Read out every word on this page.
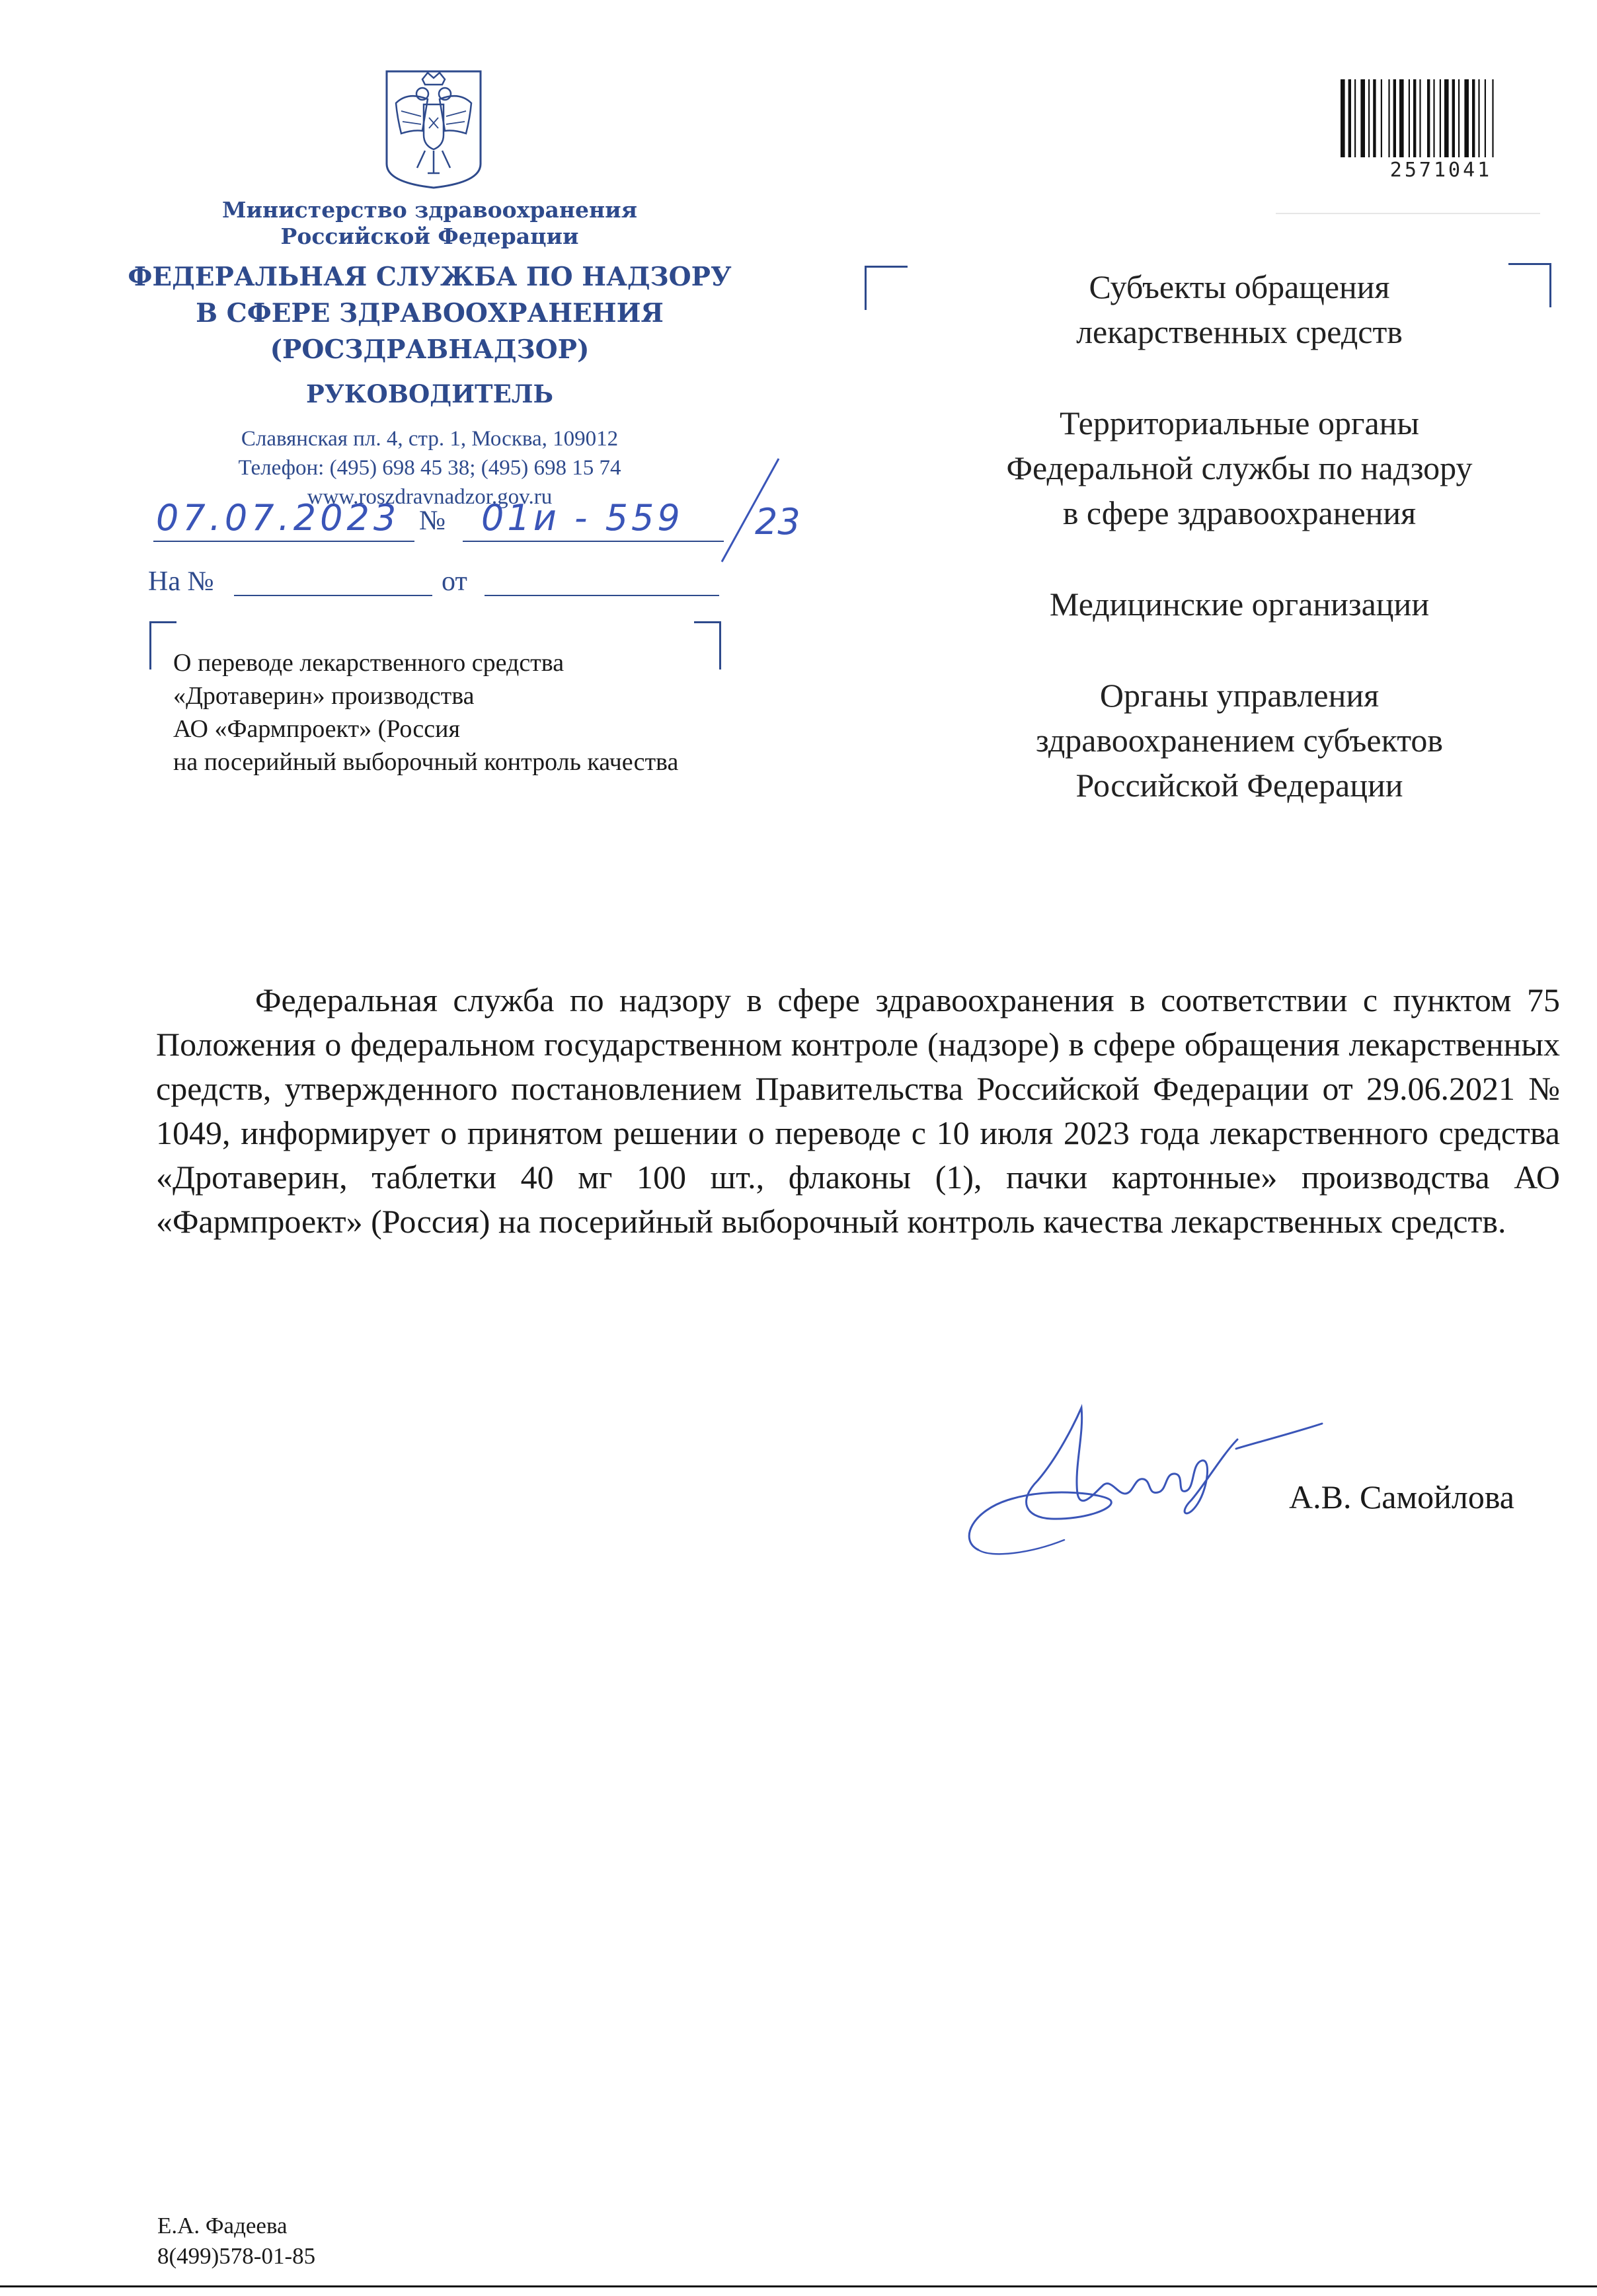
Министерство здравоохранения
Российской Федерации
ФЕДЕРАЛЬНАЯ СЛУЖБА ПО НАДЗОРУ
В СФЕРЕ ЗДРАВООХРАНЕНИЯ
(РОСЗДРАВНАДЗОР)
РУКОВОДИТЕЛЬ
Славянская пл. 4, стр. 1, Москва, 109012
Телефон: (495) 698 45 38; (495) 698 15 74
www.roszdravnadzor.gov.ru
07.07.2023 № 01и - 559 23
На №	от
О переводе лекарственного средства
«Дротаверин» производства
АО «Фармпроект» (Россия
на посерийный выборочный контроль качества
2571041

Субъекты обращения
лекарственных средств

Территориальные органы
Федеральной службы по надзору
в сфере здравоохранения

Медицинские организации

Органы управления
здравоохранением субъектов
Российской Федерации

Федеральная служба по надзору в сфере здравоохранения в соответствии с пунктом 75 Положения о федеральном государственном контроле (надзоре) в сфере обращения лекарственных средств, утвержденного постановлением Правительства Российской Федерации от 29.06.2021 № 1049, информирует о принятом решении о переводе с 10 июля 2023 года лекарственного средства «Дротаверин, таблетки 40 мг 100 шт., флаконы (1), пачки картонные» производства АО «Фармпроект» (Россия) на посерийный выборочный контроль качества лекарственных средств.
А.В. Самойлова
Е.А. Фадеева
8(499)578-01-85
